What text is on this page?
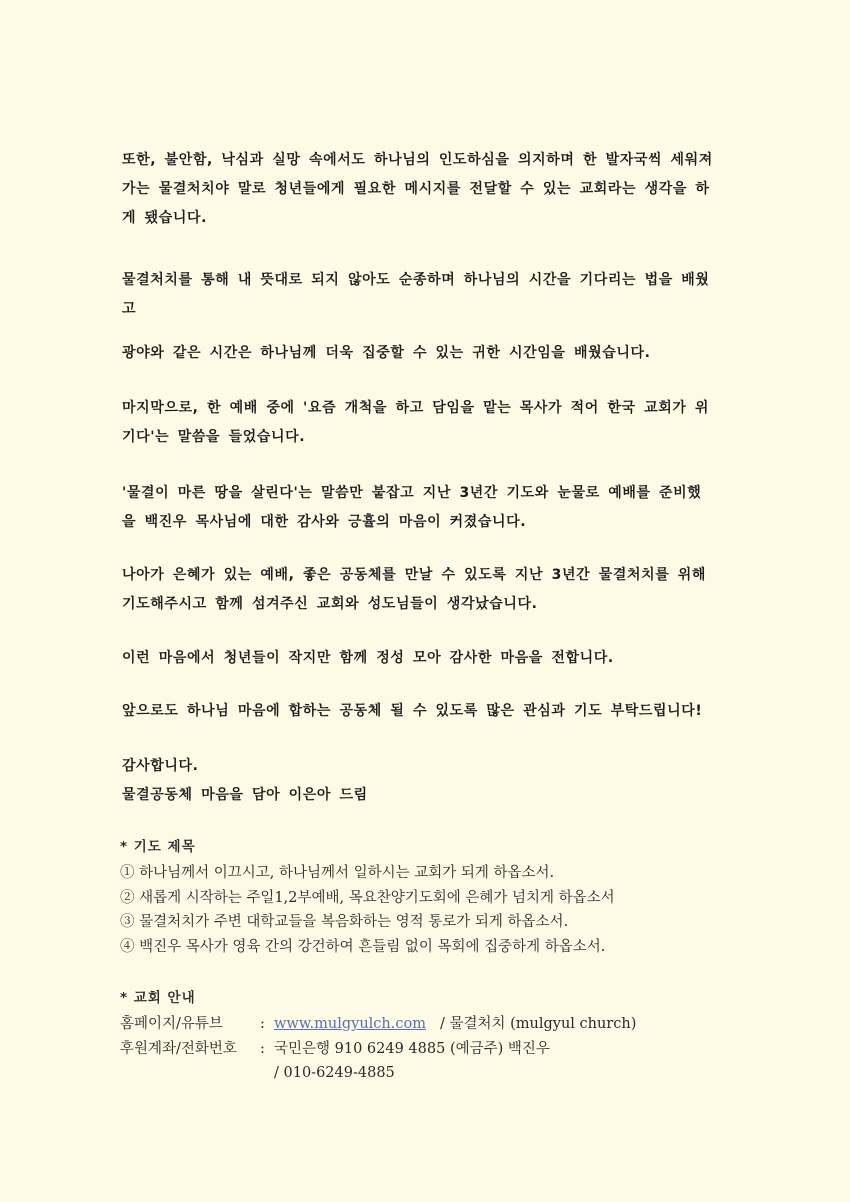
또한, 불안함, 낙심과 실망 속에서도 하나님의 인도하심을 의지하며 한 발자국씩 세워져
가는 물결처치야 말로 청년들에게 필요한 메시지를 전달할 수 있는 교회라는 생각을 하
게 됐습니다.
물결처치를 통해 내 뜻대로 되지 않아도 순종하며 하나님의 시간을 기다리는 법을 배웠
고
광야와 같은 시간은 하나님께 더욱 집중할 수 있는 귀한 시간임을 배웠습니다.
마지막으로, 한 예배 중에 '요즘 개척을 하고 담임을 맡는 목사가 적어 한국 교회가 위
기다'는 말씀을 들었습니다.
'물결이 마른 땅을 살린다'는 말씀만 붙잡고 지난 3년간 기도와 눈물로 예배를 준비했
을 백진우 목사님에 대한 감사와 긍휼의 마음이 커졌습니다.
나아가 은혜가 있는 예배, 좋은 공동체를 만날 수 있도록 지난 3년간 물결처치를 위해
기도해주시고 함께 섬겨주신 교회와 성도님들이 생각났습니다.
이런 마음에서 청년들이 작지만 함께 정성 모아 감사한 마음을 전합니다.
앞으로도 하나님 마음에 합하는 공동체 될 수 있도록 많은 관심과 기도 부탁드립니다!
감사합니다.
물결공동체 마음을 담아 이은아 드림
* 기도 제목
① 하나님께서 이끄시고, 하나님께서 일하시는 교회가 되게 하옵소서.
② 새롭게 시작하는 주일1,2부예배, 목요찬양기도회에 은혜가 넘치게 하옵소서
③ 물결처치가 주변 대학교들을 복음화하는 영적 통로가 되게 하옵소서.
④ 백진우 목사가 영육 간의 강건하여 흔들림 없이 목회에 집중하게 하옵소서.
* 교회 안내
홈페이지/유튜브	: www.mulgyulch.com / 물결처치 (mulgyul church)
후원계좌/전화번호	: 국민은행 910 6249 4885 (예금주) 백진우
/ 010-6249-4885
